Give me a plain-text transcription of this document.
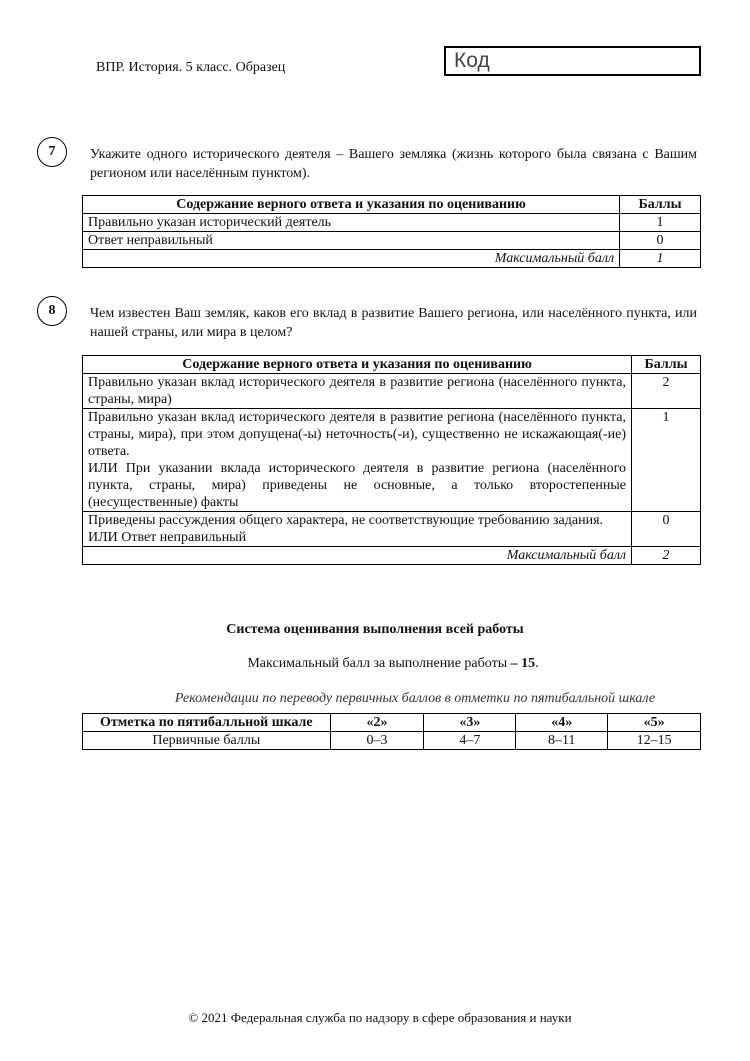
ВПР. История. 5 класс. Образец	Код
7	Укажите одного исторического деятеля – Вашего земляка (жизнь которого была связана с Вашим регионом или населённым пунктом).
Содержание верного ответа и указания по оцениванию	Баллы
Правильно указан исторический деятель	1
Ответ неправильный	0
Максимальный балл	1
8	Чем известен Ваш земляк, каков его вклад в развитие Вашего региона, или населённого пункта, или нашей страны, или мира в целом?
Содержание верного ответа и указания по оцениванию	Баллы
Правильно указан вклад исторического деятеля в развитие региона (населённого пункта, страны, мира)	2

Правильно указан вклад исторического деятеля в развитие региона (населённого пункта, страны, мира), при этом допущена(-ы) неточность(-и), существенно не искажающая(-ие) ответа.
ИЛИ При указании вклада исторического деятеля в развитие региона (населённого пункта, страны, мира) приведены не основные, а только второстепенные (несущественные) факты	1

Приведены рассуждения общего характера, не соответствующие требованию задания.
ИЛИ Ответ неправильный	0
Максимальный балл	2
Система оценивания выполнения всей работы
Максимальный балл за выполнение работы – 15.
Рекомендации по переводу первичных баллов в отметки по пятибалльной шкале
Отметка по пятибалльной шкале	«2»	«3»	«4»	«5»
Первичные баллы	0–3	4–7	8–11	12–15
© 2021 Федеральная служба по надзору в сфере образования и науки
